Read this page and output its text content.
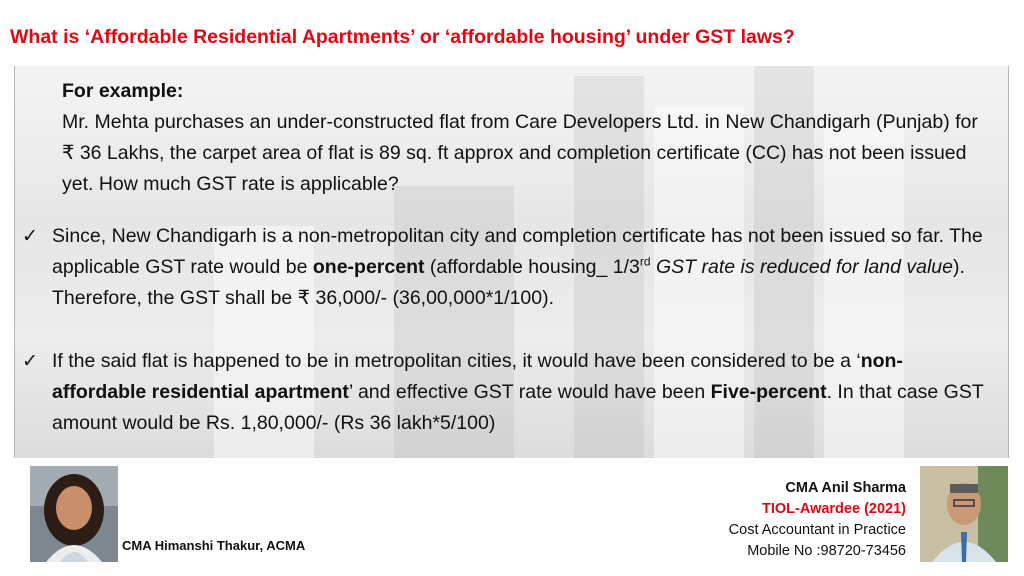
What is ‘Affordable Residential Apartments’ or ‘affordable housing’ under GST laws?
For example:
Mr. Mehta purchases an under-constructed flat from Care Developers Ltd. in New Chandigarh (Punjab) for ₹ 36 Lakhs, the carpet area of flat is 89 sq. ft approx and completion certificate (CC) has not been issued yet. How much GST rate is applicable?
✓ Since, New Chandigarh is a non-metropolitan city and completion certificate has not been issued so far. The applicable GST rate would be one-percent (affordable housing_ 1/3rd GST rate is reduced for land value). Therefore, the GST shall be ₹ 36,000/- (36,00,000*1/100).
✓ If the said flat is happened to be in metropolitan cities, it would have been considered to be a ‘non-affordable residential apartment’ and effective GST rate would have been Five-percent. In that case GST amount would be Rs. 1,80,000/- (Rs 36 lakh*5/100)
CMA Himanshi Thakur, ACMA
CMA Anil Sharma
TIOL-Awardee (2021)
Cost Accountant in Practice
Mobile No :98720-73456
